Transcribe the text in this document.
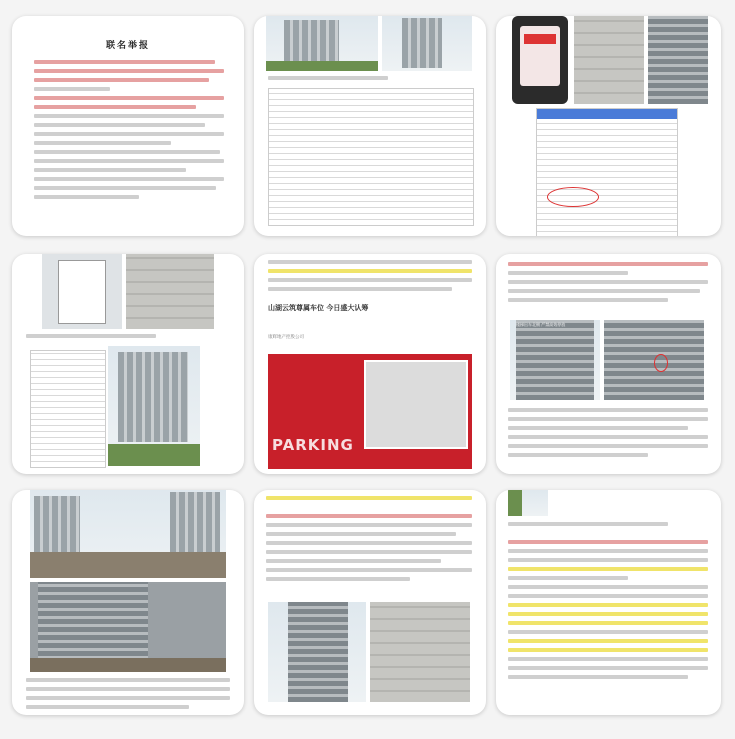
联名举报
山湖云筑尊属车位 今日盛大认筹
康辉地产控股公司
PARKING
楼梯出车北侧 严禁高效停放
